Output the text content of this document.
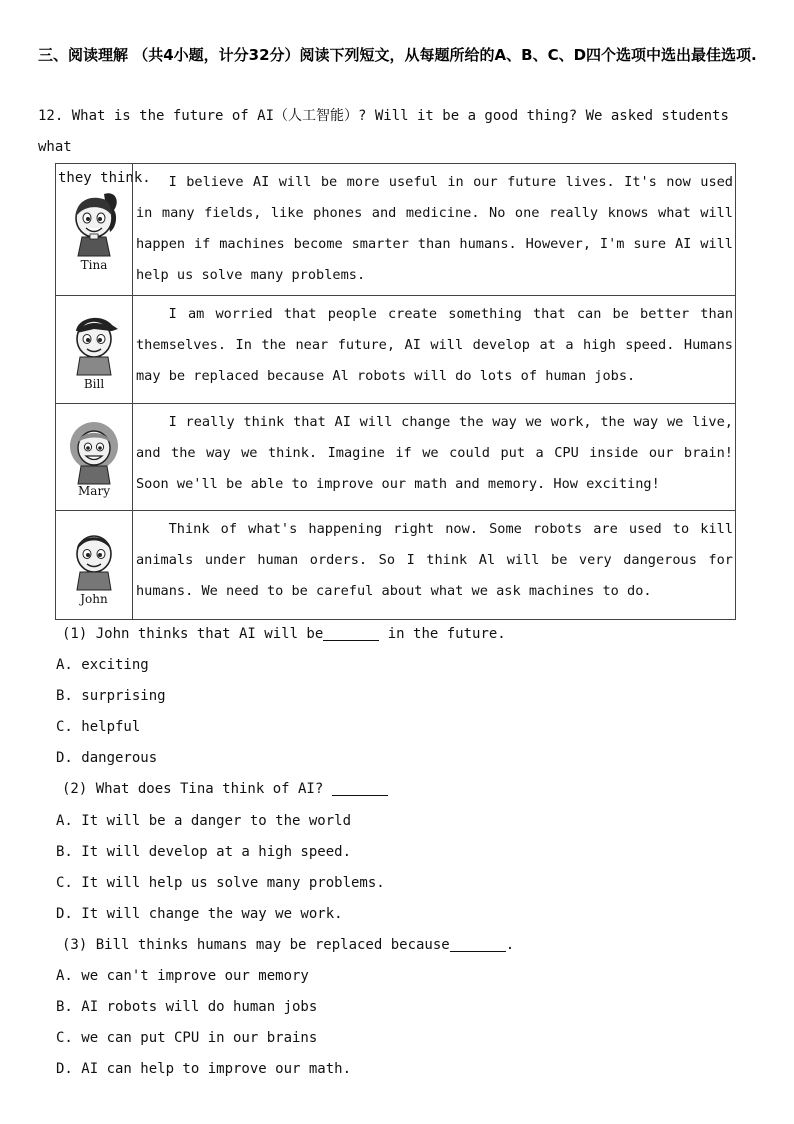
三、阅读理解 （共4小题，计分32分）阅读下列短文，从每题所给的A、B、C、D四个选项中选出最佳选项.
12. What is the future of AI（人工智能）? Will it be a good thing? We asked students what
they think.
Tina	I believe AI will be more useful in our future lives. It's now used in many fields, like phones and medicine. No one really knows what will happen if machines become smarter than humans. However, I'm sure AI will help us solve many problems.

Bill	I am worried that people create something that can be better than themselves. In the near future, AI will develop at a high speed. Humans may be replaced because Al robots will do lots of human jobs.

Mary	I really think that AI will change the way we work, the way we live, and the way we think. Imagine if we could put a CPU inside our brain! Soon we'll be able to improve our math and memory. How exciting!

John	Think of what's happening right now. Some robots are used to kill animals under human orders. So I think Al will be very dangerous for humans. We need to be careful about what we ask machines to do.
(1) John thinks that AI will be	in the future.
A. exciting
B. surprising
C. helpful
D. dangerous
(2) What does Tina think of AI?
A. It will be a danger to the world
B. It will develop at a high speed.
C. It will help us solve many problems.
D. It will change the way we work.
(3) Bill thinks humans may be replaced because	.
A. we can't improve our memory
B. AI robots will do human jobs
C. we can put CPU in our brains
D. AI can help to improve our math.
